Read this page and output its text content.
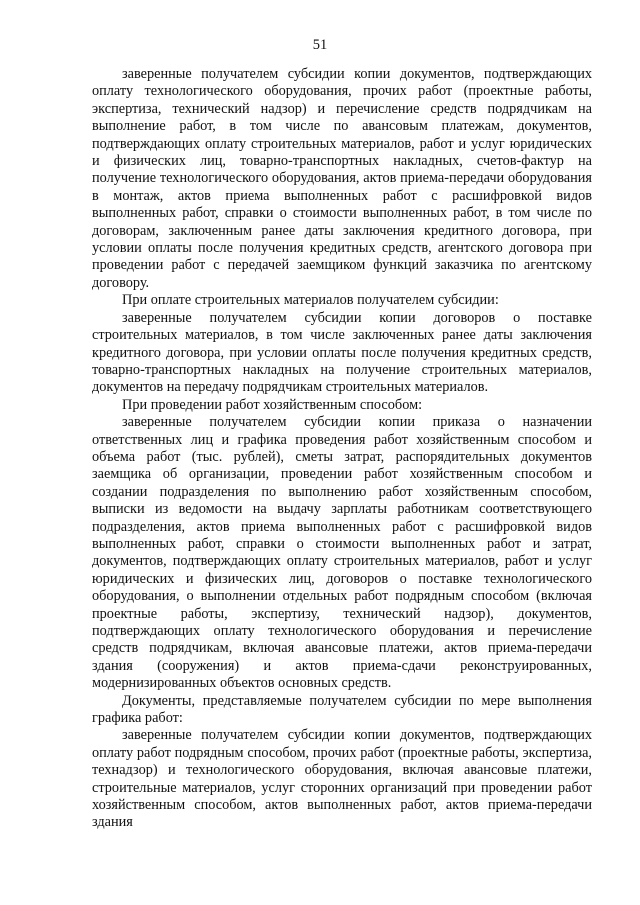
51

заверенные получателем субсидии копии документов, подтверждающих оплату технологического оборудования, прочих работ (проектные работы, экспертиза, технический надзор) и перечисление средств подрядчикам на выполнение работ, в том числе по авансовым платежам, документов, подтверждающих оплату строительных материалов, работ и услуг юридических и физических лиц, товарно-транспортных накладных, счетов-фактур на получение технологического оборудования, актов приема-передачи оборудования в монтаж, актов приема выполненных работ с расшифровкой видов выполненных работ, справки о стоимости выполненных работ, в том числе по договорам, заключенным ранее даты заключения кредитного договора, при условии оплаты после получения кредитных средств, агентского договора при проведении работ с передачей заемщиком функций заказчика по агентскому договору.

При оплате строительных материалов получателем субсидии:

заверенные получателем субсидии копии договоров о поставке строительных материалов, в том числе заключенных ранее даты заключения кредитного договора, при условии оплаты после получения кредитных средств, товарно-транспортных накладных на получение строительных материалов, документов на передачу подрядчикам строительных материалов.

При проведении работ хозяйственным способом:

заверенные получателем субсидии копии приказа о назначении ответственных лиц и графика проведения работ хозяйственным способом и объема работ (тыс. рублей), сметы затрат, распорядительных документов заемщика об организации, проведении работ хозяйственным способом и создании подразделения по выполнению работ хозяйственным способом, выписки из ведомости на выдачу зарплаты работникам соответствующего подразделения, актов приема выполненных работ с расшифровкой видов выполненных работ, справки о стоимости выполненных работ и затрат, документов, подтверждающих оплату строительных материалов, работ и услуг юридических и физических лиц, договоров о поставке технологического оборудования, о выполнении отдельных работ подрядным способом (включая проектные работы, экспертизу, технический надзор), документов, подтверждающих оплату технологического оборудования и перечисление средств подрядчикам, включая авансовые платежи, актов приема-передачи здания (сооружения) и актов приема-сдачи реконструированных, модернизированных объектов основных средств.

Документы, представляемые получателем субсидии по мере выполнения графика работ:

заверенные получателем субсидии копии документов, подтверждающих оплату работ подрядным способом, прочих работ (проектные работы, экспертиза, технадзор) и технологического оборудования, включая авансовые платежи, строительные материалов, услуг сторонних организаций при проведении работ хозяйственным способом, актов выполненных работ, актов приема-передачи здания
